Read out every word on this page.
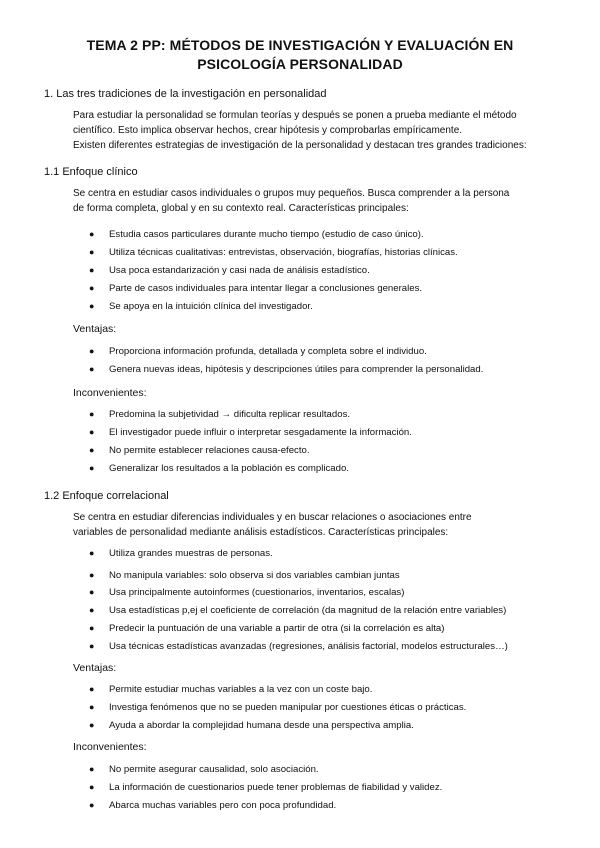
TEMA 2 PP: MÉTODOS DE INVESTIGACIÓN Y EVALUACIÓN EN
PSICOLOGÍA PERSONALIDAD
1. Las tres tradiciones de la investigación en personalidad
Para estudiar la personalidad se formulan teorías y después se ponen a prueba mediante el método
científico. Esto implica observar hechos, crear hipótesis y comprobarlas empíricamente.
Existen diferentes estrategias de investigación de la personalidad y destacan tres grandes tradiciones:
1.1 Enfoque clínico
Se centra en estudiar casos individuales o grupos muy pequeños. Busca comprender a la persona
de forma completa, global y en su contexto real. Características principales:
● Estudia casos particulares durante mucho tiempo (estudio de caso único).
● Utiliza técnicas cualitativas: entrevistas, observación, biografías, historias clínicas.
● Usa poca estandarización y casi nada de análisis estadístico.
● Parte de casos individuales para intentar llegar a conclusiones generales.
● Se apoya en la intuición clínica del investigador.
Ventajas:
● Proporciona información profunda, detallada y completa sobre el individuo.
● Genera nuevas ideas, hipótesis y descripciones útiles para comprender la personalidad.
Inconvenientes:
● Predomina la subjetividad → dificulta replicar resultados.
● El investigador puede influir o interpretar sesgadamente la información.
● No permite establecer relaciones causa-efecto.
● Generalizar los resultados a la población es complicado.
1.2 Enfoque correlacional
Se centra en estudiar diferencias individuales y en buscar relaciones o asociaciones entre
variables de personalidad mediante análisis estadísticos. Características principales:
● Utiliza grandes muestras de personas.
● No manipula variables: solo observa si dos variables cambian juntas
● Usa principalmente autoinformes (cuestionarios, inventarios, escalas)
● Usa estadísticas p,ej el coeficiente de correlación (da magnitud de la relación entre variables)
● Predecir la puntuación de una variable a partir de otra (si la correlación es alta)
● Usa técnicas estadísticas avanzadas (regresiones, análisis factorial, modelos estructurales…)
Ventajas:
● Permite estudiar muchas variables a la vez con un coste bajo.
● Investiga fenómenos que no se pueden manipular por cuestiones éticas o prácticas.
● Ayuda a abordar la complejidad humana desde una perspectiva amplia.
Inconvenientes:
● No permite asegurar causalidad, solo asociación.
● La información de cuestionarios puede tener problemas de fiabilidad y validez.
● Abarca muchas variables pero con poca profundidad.
